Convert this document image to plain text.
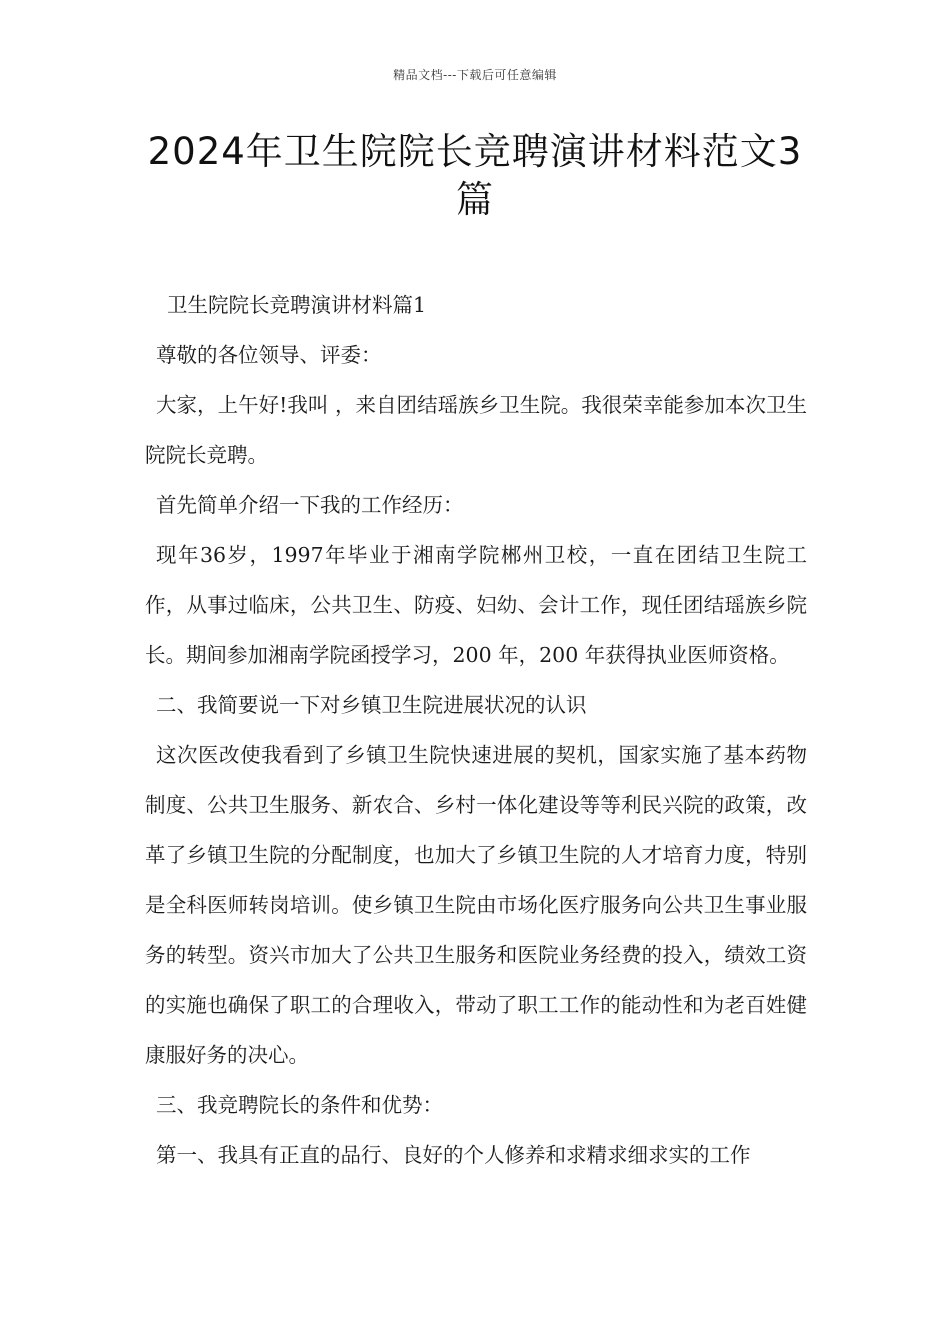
精品文档---下载后可任意编辑
2024年卫生院院长竞聘演讲材料范文3篇

卫生院院长竞聘演讲材料篇1

尊敬的各位领导、评委：

大家，上午好!我叫 ，来自团结瑶族乡卫生院。我很荣幸能参加本次卫生院院长竞聘。

首先简单介绍一下我的工作经历：

现年36岁，1997年毕业于湘南学院郴州卫校，一直在团结卫生院工作，从事过临床，公共卫生、防疫、妇幼、会计工作，现任团结瑶族乡院长。期间参加湘南学院函授学习，200 年，200 年获得执业医师资格。

二、我简要说一下对乡镇卫生院进展状况的认识

这次医改使我看到了乡镇卫生院快速进展的契机，国家实施了基本药物制度、公共卫生服务、新农合、乡村一体化建设等等利民兴院的政策，改革了乡镇卫生院的分配制度，也加大了乡镇卫生院的人才培育力度，特别是全科医师转岗培训。使乡镇卫生院由市场化医疗服务向公共卫生事业服务的转型。资兴市加大了公共卫生服务和医院业务经费的投入，绩效工资的实施也确保了职工的合理收入，带动了职工工作的能动性和为老百姓健康服好务的决心。

三、我竞聘院长的条件和优势：

第一、我具有正直的品行、良好的个人修养和求精求细求实的工作
